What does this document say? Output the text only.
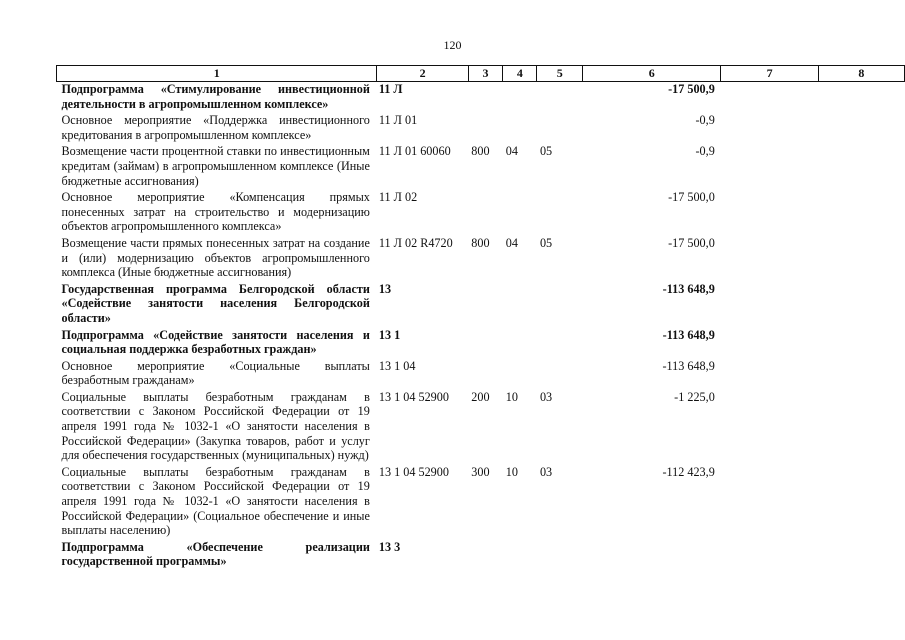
120
1	2	3	4	5	6	7	8
Подпрограмма «Стимулирование инвестиционной деятельности в агропромышленном комплексе»	11 Л				-17 500,9		
Основное мероприятие «Поддержка инвестиционного кредитования в агропромышленном комплексе»	11 Л 01				-0,9		
Возмещение части процентной ставки по инвестиционным кредитам (займам) в агропромышленном комплексе (Иные бюджетные ассигнования)	11 Л 01 60060	800	04	05	-0,9		
Основное мероприятие «Компенсация прямых понесенных затрат на строительство и модернизацию объектов агропромышленного комплекса»	11 Л 02				-17 500,0		
Возмещение части прямых понесенных затрат на создание и (или) модернизацию объектов агропромышленного комплекса (Иные бюджетные ассигнования)	11 Л 02 R4720	800	04	05	-17 500,0		
Государственная программа Белгородской области «Содействие занятости населения Белгородской области»	13				-113 648,9		
Подпрограмма «Содействие занятости населения и социальная поддержка безработных граждан»	13 1				-113 648,9		
Основное мероприятие «Социальные выплаты безработным гражданам»	13 1 04				-113 648,9		
Социальные выплаты безработным гражданам в соответствии с Законом Российской Федерации от 19 апреля 1991 года № 1032-1 «О занятости населения в Российской Федерации» (Закупка товаров, работ и услуг для обеспечения государственных (муниципальных) нужд)	13 1 04 52900	200	10	03	-1 225,0		
Социальные выплаты безработным гражданам в соответствии с Законом Российской Федерации от 19 апреля 1991 года № 1032-1 «О занятости населения в Российской Федерации» (Социальное обеспечение и иные выплаты населению)	13 1 04 52900	300	10	03	-112 423,9		
Подпрограмма «Обеспечение реализации государственной программы»	13 3						
